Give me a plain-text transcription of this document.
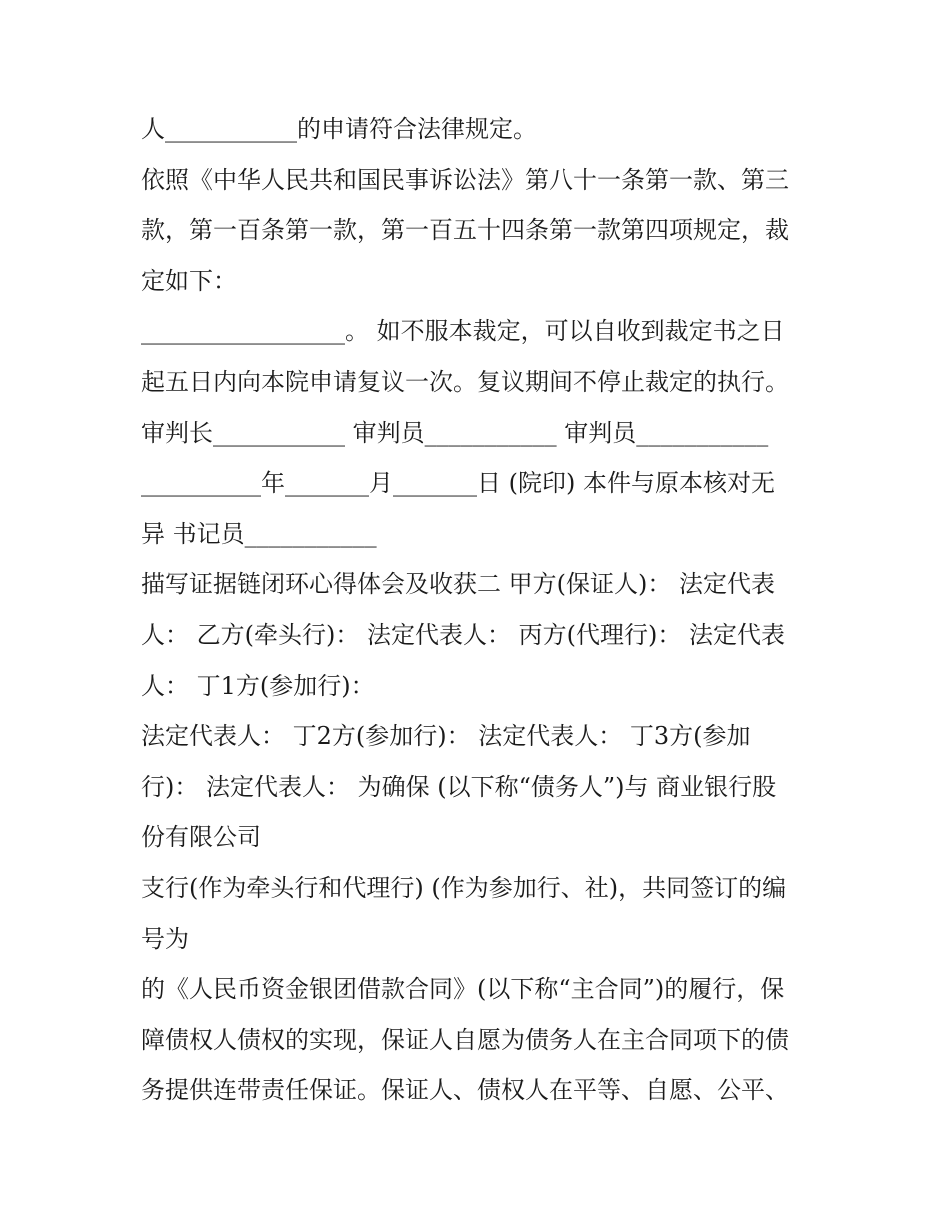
人___________的申请符合法律规定。
依照《中华人民共和国民事诉讼法》第八十一条第一款、第三
款，第一百条第一款，第一百五十四条第一款第四项规定，裁
定如下：
_________________。 如不服本裁定，可以自收到裁定书之日
起五日内向本院申请复议一次。复议期间不停止裁定的执行。
审判长___________ 审判员___________ 审判员___________
__________年_______月_______日 (院印) 本件与原本核对无
异 书记员___________
描写证据链闭环心得体会及收获二 甲方(保证人)： 法定代表
人： 乙方(牵头行)： 法定代表人： 丙方(代理行)： 法定代表
人： 丁1方(参加行)：
法定代表人： 丁2方(参加行)： 法定代表人： 丁3方(参加
行)： 法定代表人： 为确保 (以下称“债务人”)与 商业银行股
份有限公司
支行(作为牵头行和代理行) (作为参加行、社)，共同签订的编
号为
的《人民币资金银团借款合同》(以下称“主合同”)的履行，保
障债权人债权的实现，保证人自愿为债务人在主合同项下的债
务提供连带责任保证。保证人、债权人在平等、自愿、公平、
